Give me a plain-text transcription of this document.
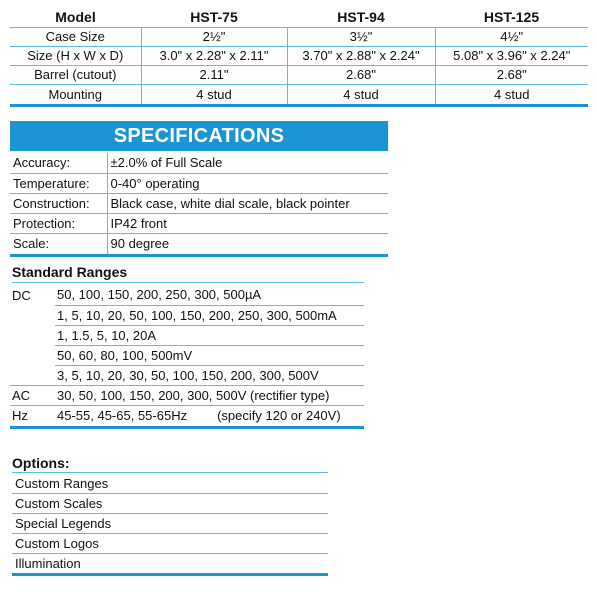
Model	HST-75	HST-94	HST-125
Case Size	2½"	3½"	4½"
Size (H x W x D)	3.0" x 2.28" x 2.11"	3.70" x 2.88" x 2.24"	5.08" x 3.96" x 2.24"
Barrel (cutout)	2.11"	2.68"	2.68"
Mounting	4 stud	4 stud	4 stud
SPECIFICATIONS
Accuracy:	±2.0% of Full Scale
Temperature:	0-40° operating
Construction:	Black case, white dial scale, black pointer
Protection:	IP42 front
Scale:	90 degree
Standard Ranges
DC	50, 100, 150, 200, 250, 300, 500µA
	1, 5, 10, 20, 50, 100, 150, 200, 250, 300, 500mA
	1, 1.5, 5, 10, 20A
	50, 60, 80, 100, 500mV
	3, 5, 10, 20, 30, 50, 100, 150, 200, 300, 500V
AC	30, 50, 100, 150, 200, 300, 500V (rectifier type)
Hz	45-55, 45-65, 55-65Hz (specify 120 or 240V)
Options:
Custom Ranges
Custom Scales
Special Legends
Custom Logos
Illumination
